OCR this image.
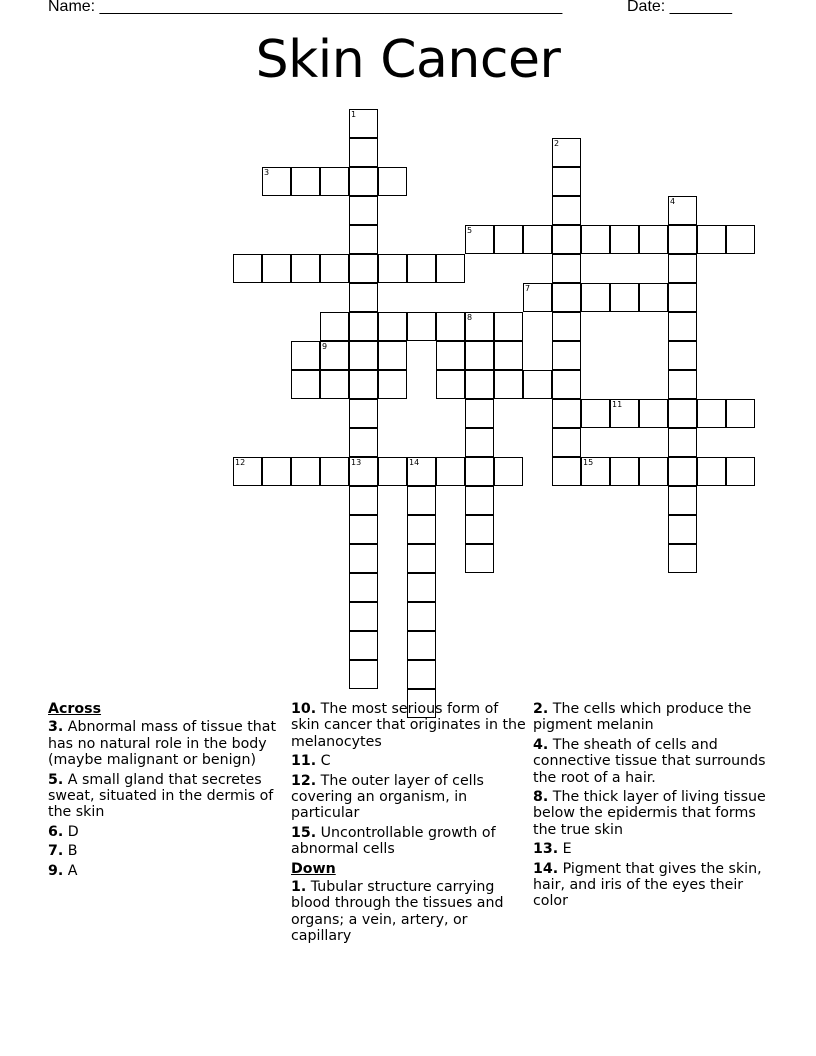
Name: ____________________________________________________	Date: _______
Skin Cancer
1
13
2
4
8
14
3
5
7
9
11
12	15
Across
3. Abnormal mass of tissue that has no natural role in the body (maybe malignant or benign)
5. A small gland that secretes sweat, situated in the dermis of the skin
6. D
7. B
9. A
10. The most serious form of skin cancer that originates in the melanocytes
11. C
12. The outer layer of cells covering an organism, in particular
15. Uncontrollable growth of abnormal cells
Down
1. Tubular structure carrying blood through the tissues and organs; a vein, artery, or capillary
2. The cells which produce the pigment melanin
4. The sheath of cells and connective tissue that surrounds the root of a hair.
8. The thick layer of living tissue below the epidermis that forms the true skin
13. E
14. Pigment that gives the skin, hair, and iris of the eyes their color
